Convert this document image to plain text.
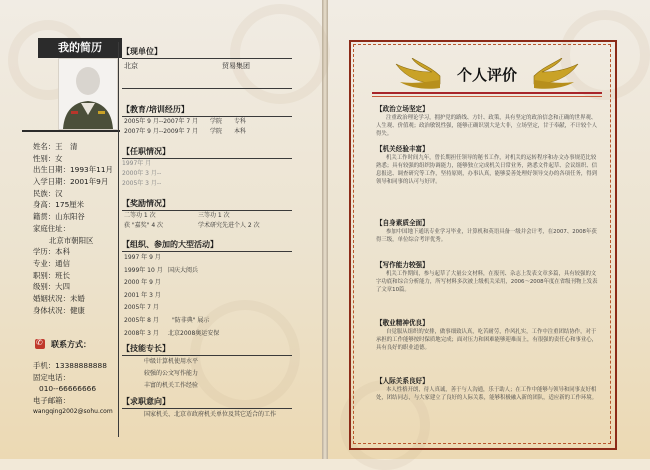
我的简历
姓名：王　清
性别：女
出生日期：1993年11月
入学日期：2001年9月
民族：汉
身高：175厘米
籍贯：山东阳谷
家庭住址：
北京市朝阳区
学历：本科
专业：通信
职别：班长
级别：大四
婚姻状况：未婚
身体状况：健康
✆ 联系方式：
手机：13388888888
固定电话：
010--66666666
电子邮箱：
wangqing2002@sohu.com
【现单位】
北京	贸易集团
【教育/培训经历】
2005年 9 月--2007年 7 月 学院 专科
2007年 9 月--2009年 7 月 学院 本科
【任职情况】
1997年 月
2000年 3 月--
2005年 3 月--
【奖励情况】
二等功 1 次	三等功 1 次
获 "嘉奖" 4 次	学术研究先进个人 2 次
【组织、参加的大型活动】
1997 年 9 月
1999年 10 月 国庆大阅兵
2000 年 9 月
2001 年 3 月
2005年 7 月
2005年 8 月 "防非典" 展示
2008年 3 月 北京2008奥运安保
【技能专长】
中级计算机使用水平
较强的公文写作能力
丰富的机关工作经验
【求职意向】
国家机关、北京市政府机关单位及其它适合的工作
个人评价
【政治立场坚定】
注重政治理论学习，拥护党的路线、方针、政策，具有坚定的政治信念和正确的世界观、人生观、价值观；政治敏锐性强，能够正确识别大是大非，立场坚定，甘于奉献，不计较个人得失。
【机关经验丰富】
机关工作时间九年，曾长期担任领导的秘书工作，对机关的运转程序和办文办事规范比较熟悉；具有较强的组织协调能力，能够独立完成机关日常业务，熟悉文件起草、会议组织、信息报送、调查研究等工作，坚持原则，办事认真，能够妥善处理好领导交办的各项任务，得到领导和同事的认可与好评。
【自身素质全面】
参加中国地下通讯专业学习毕业，计算机和英语具备一级并会计考，在2007、2008年获得三级，单位综合考评优秀。
【写作能力较强】
机关工作期间，参与起草了大量公文材料，在报刊、杂志上发表文章多篇，具有较强的文字功底和综合分析能力，所写材料多次被上级机关采用，2006～2008年度在省级刊物上发表了文章10篇。
【敬业精神优良】
自觉服从组织的安排，做事细致认真，吃苦耐劳，作风扎实，工作中注重团结协作，对于承担的工作能够按时保质地完成；面对压力和困难能够迎难而上，有很强的责任心和事业心，具有良好的职业道德。
【人际关系良好】
本人性格开朗，待人真诚，善于与人沟通，乐于助人；在工作中能够与领导和同事友好相处，团结同志，与大家建立了良好的人际关系，能够积极融入新的团队，适应新的工作环境。
